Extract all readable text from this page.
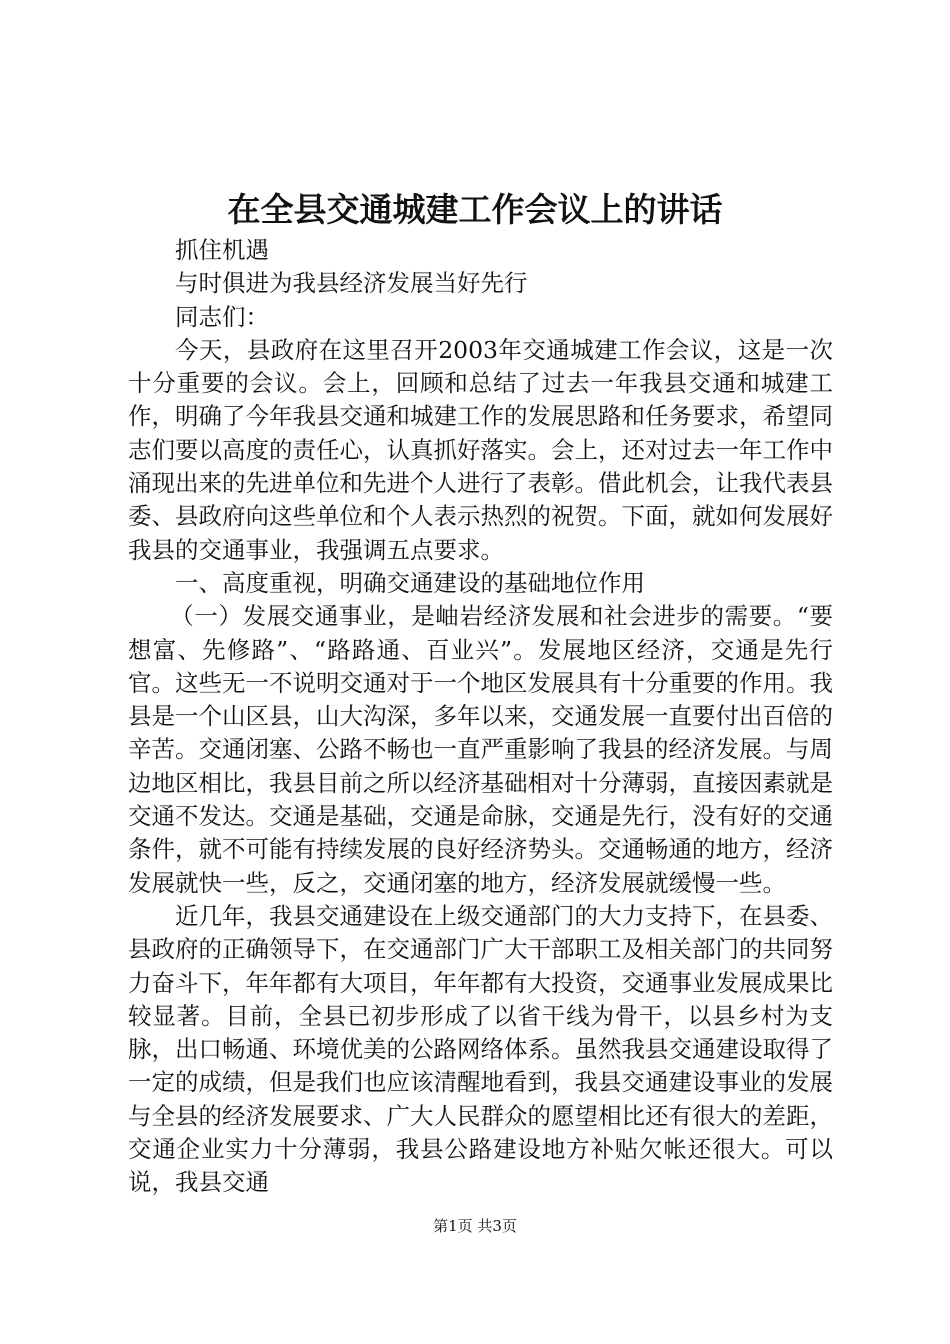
在全县交通城建工作会议上的讲话

抓住机遇

与时俱进为我县经济发展当好先行

同志们：

今天，县政府在这里召开2003年交通城建工作会议，这是一次十分重要的会议。会上，回顾和总结了过去一年我县交通和城建工作，明确了今年我县交通和城建工作的发展思路和任务要求，希望同志们要以高度的责任心，认真抓好落实。会上，还对过去一年工作中涌现出来的先进单位和先进个人进行了表彰。借此机会，让我代表县委、县政府向这些单位和个人表示热烈的祝贺。下面，就如何发展好我县的交通事业，我强调五点要求。

一、高度重视，明确交通建设的基础地位作用

（一）发展交通事业，是岫岩经济发展和社会进步的需要。“要想富、先修路”、“路路通、百业兴”。发展地区经济，交通是先行官。这些无一不说明交通对于一个地区发展具有十分重要的作用。我县是一个山区县，山大沟深，多年以来，交通发展一直要付出百倍的辛苦。交通闭塞、公路不畅也一直严重影响了我县的经济发展。与周边地区相比，我县目前之所以经济基础相对十分薄弱，直接因素就是交通不发达。交通是基础，交通是命脉，交通是先行，没有好的交通条件，就不可能有持续发展的良好经济势头。交通畅通的地方，经济发展就快一些，反之，交通闭塞的地方，经济发展就缓慢一些。

近几年，我县交通建设在上级交通部门的大力支持下，在县委、县政府的正确领导下，在交通部门广大干部职工及相关部门的共同努力奋斗下，年年都有大项目，年年都有大投资，交通事业发展成果比较显著。目前，全县已初步形成了以省干线为骨干，以县乡村为支脉，出口畅通、环境优美的公路网络体系。虽然我县交通建设取得了一定的成绩，但是我们也应该清醒地看到，我县交通建设事业的发展与全县的经济发展要求、广大人民群众的愿望相比还有很大的差距，交通企业实力十分薄弱，我县公路建设地方补贴欠帐还很大。可以说，我县交通

第1页 共3页
